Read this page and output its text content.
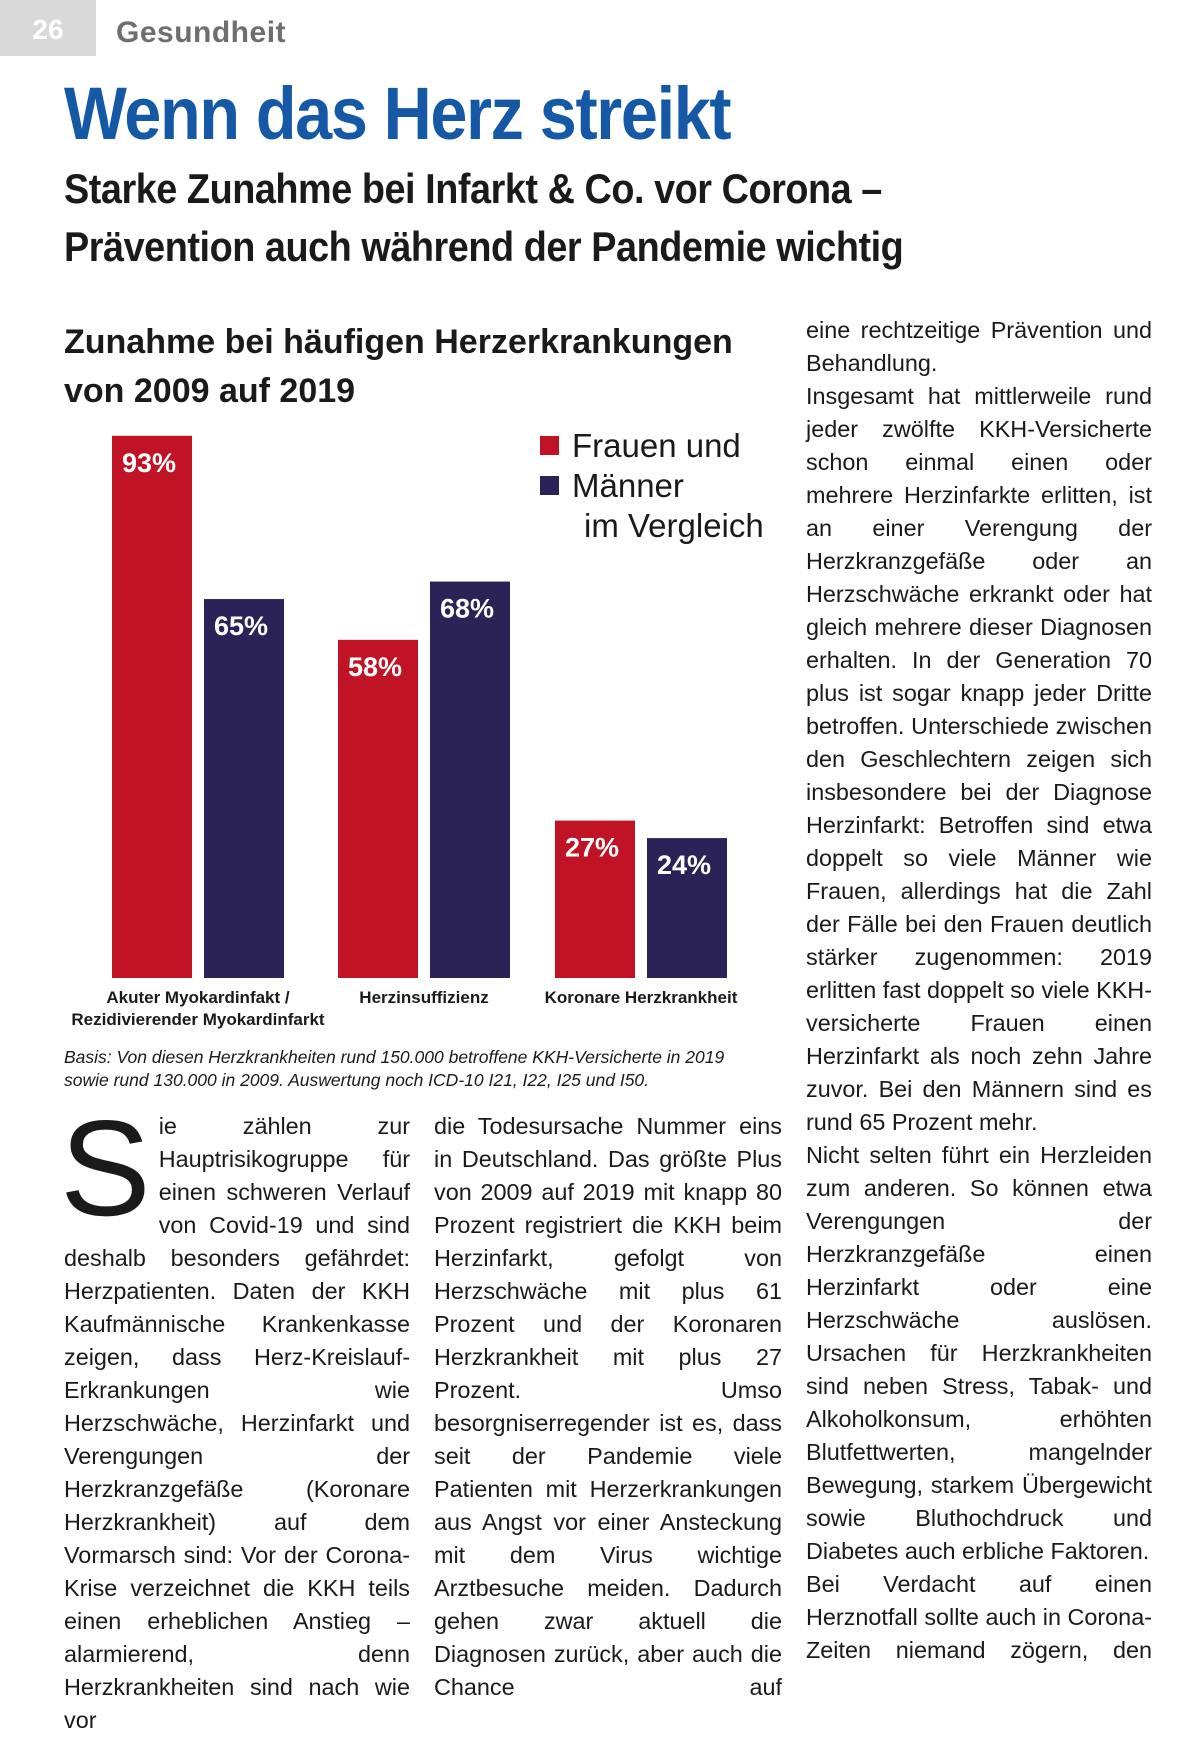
26	Gesundheit
Wenn das Herz streikt
Starke Zunahme bei Infarkt & Co. vor Corona –
Prävention auch während der Pandemie wichtig
Zunahme bei häufigen Herzerkrankungen
von 2009 auf 2019
93%
65%
Akuter Myokardinfakt /
Rezidivierender Myokardinfarkt
58%
68%
Herzinsuffizienz
27%
24%
Koronare Herzkrankheit
Frauen und
Männer
im Vergleich
Basis: Von diesen Herzkrankheiten rund 150.000 betroffene KKH-Versicherte in 2019 sowie rund 130.000 in 2009. Auswertung noch ICD-10 I21, I22, I25 und I50.

Sie zählen zur Hauptrisikogruppe für einen schweren Verlauf von Covid-19 und sind deshalb besonders gefährdet: Herzpatienten. Daten der KKH Kaufmännische Krankenkasse zeigen, dass Herz-Kreislauf-Erkrankungen wie Herzschwäche, Herzinfarkt und Verengungen der Herzkranzgefäße (Koronare Herzkrankheit) auf dem Vormarsch sind: Vor der Corona-Krise verzeichnet die KKH teils einen erheblichen Anstieg – alarmierend, denn Herzkrankheiten sind nach wie vor

die Todesursache Nummer eins in Deutschland. Das größte Plus von 2009 auf 2019 mit knapp 80 Prozent registriert die KKH beim Herzinfarkt, gefolgt von Herzschwäche mit plus 61 Prozent und der Koronaren Herzkrankheit mit plus 27 Prozent. Umso besorgniserregender ist es, dass seit der Pandemie viele Patienten mit Herzerkrankungen aus Angst vor einer Ansteckung mit dem Virus wichtige Arztbesuche meiden. Dadurch gehen zwar aktuell die Diagnosen zurück, aber auch die Chance auf

eine rechtzeitige Prävention und Behandlung.

Insgesamt hat mittlerweile rund jeder zwölfte KKH-Versicherte schon einmal einen oder mehrere Herzinfarkte erlitten, ist an einer Verengung der Herzkranzgefäße oder an Herzschwäche erkrankt oder hat gleich mehrere dieser Diagnosen erhalten. In der Generation 70 plus ist sogar knapp jeder Dritte betroffen. Unterschiede zwischen den Geschlechtern zeigen sich insbesondere bei der Diagnose Herzinfarkt: Betroffen sind etwa doppelt so viele Männer wie Frauen, allerdings hat die Zahl der Fälle bei den Frauen deutlich stärker zugenommen: 2019 erlitten fast doppelt so viele KKH-versicherte Frauen einen Herzinfarkt als noch zehn Jahre zuvor. Bei den Männern sind es rund 65 Prozent mehr.

Nicht selten führt ein Herzleiden zum anderen. So können etwa Verengungen der Herzkranzgefäße einen Herzinfarkt oder eine Herzschwäche auslösen. Ursachen für Herzkrankheiten sind neben Stress, Tabak- und Alkoholkonsum, erhöhten Blutfettwerten, mangelnder Bewegung, starkem Übergewicht sowie Bluthochdruck und Diabetes auch erbliche Faktoren.

Bei Verdacht auf einen Herznotfall sollte auch in Corona-Zeiten niemand zögern, den
